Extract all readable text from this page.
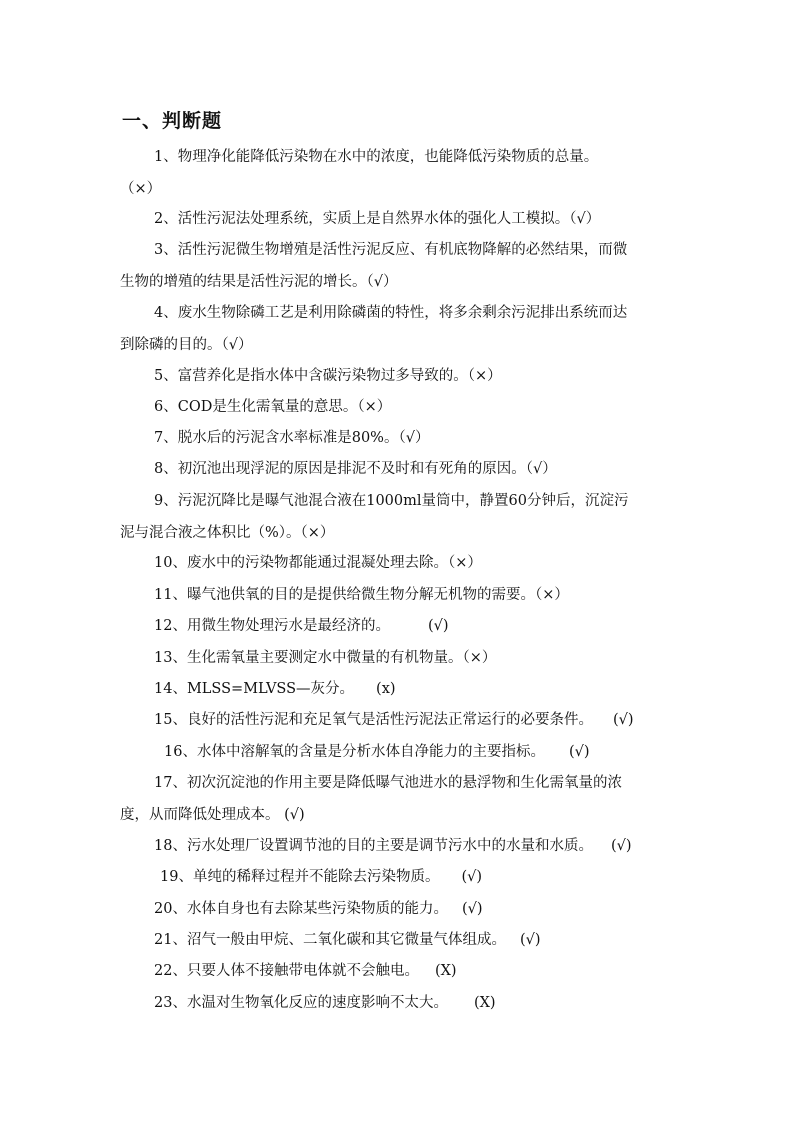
一、判断题
1、物理净化能降低污染物在水中的浓度，也能降低污染物质的总量。
（×）
2、活性污泥法处理系统，实质上是自然界水体的强化人工模拟。（√）
3、活性污泥微生物增殖是活性污泥反应、有机底物降解的必然结果，而微
生物的增殖的结果是活性污泥的增长。（√）
4、废水生物除磷工艺是利用除磷菌的特性，将多余剩余污泥排出系统而达
到除磷的目的。（√）
5、富营养化是指水体中含碳污染物过多导致的。（×）
6、COD是生化需氧量的意思。（×）
7、脱水后的污泥含水率标准是80%。（√）
8、初沉池出现浮泥的原因是排泥不及时和有死角的原因。（√）
9、污泥沉降比是曝气池混合液在1000ml量筒中，静置60分钟后，沉淀污
泥与混合液之体积比（%）。（×）
10、废水中的污染物都能通过混凝处理去除。（×）
11、曝气池供氧的目的是提供给微生物分解无机物的需要。（×）
12、用微生物处理污水是最经济的。	(√)
13、生化需氧量主要测定水中微量的有机物量。（×）
14、MLSS=MLVSS—灰分。 (x)
15、良好的活性污泥和充足氧气是活性污泥法正常运行的必要条件。 (√)
16、水体中溶解氧的含量是分析水体自净能力的主要指标。 (√)
17、初次沉淀池的作用主要是降低曝气池进水的悬浮物和生化需氧量的浓
度，从而降低处理成本。 (√)
18、污水处理厂设置调节池的目的主要是调节污水中的水量和水质。 (√)
19、单纯的稀释过程并不能除去污染物质。 (√)
20、水体自身也有去除某些污染物质的能力。 (√)
21、沼气一般由甲烷、二氧化碳和其它微量气体组成。 (√)
22、只要人体不接触带电体就不会触电。 (X)
23、水温对生物氧化反应的速度影响不太大。 (X)
